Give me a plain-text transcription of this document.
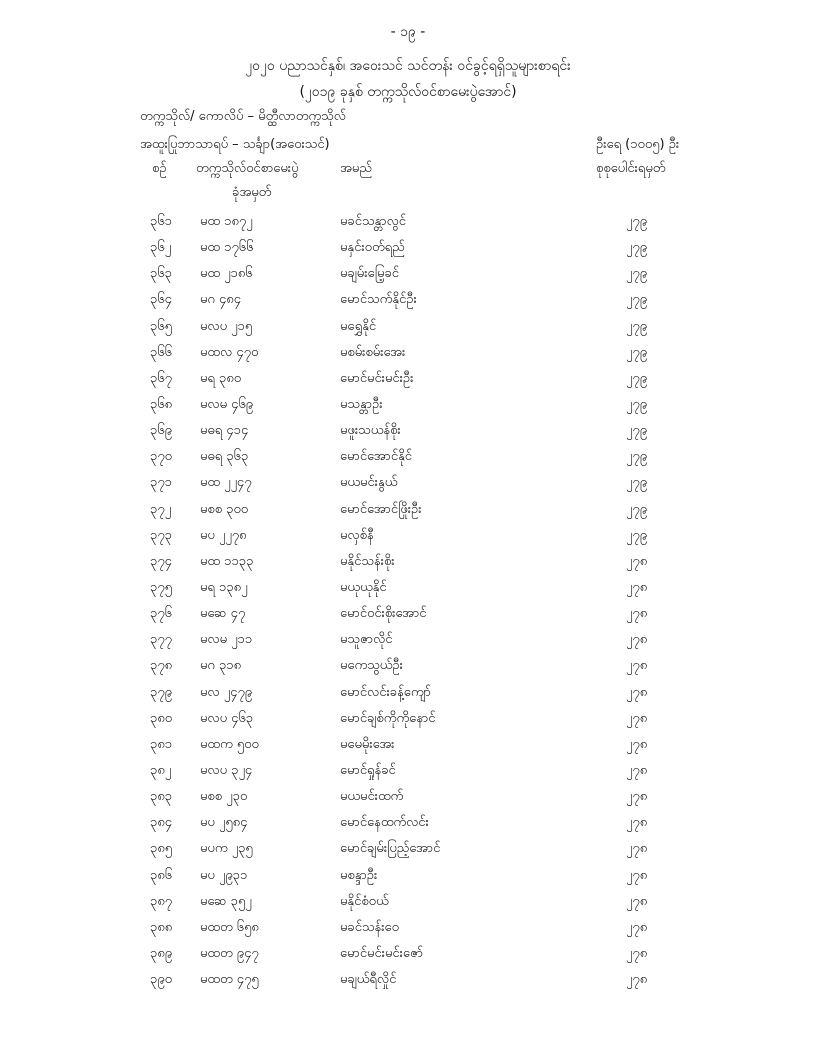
- ၁၉ -
၂၀၂၀ ပညာသင်နှစ်၊ အဝေးသင် သင်တန်း ဝင်ခွင့်ရရှိသူများစာရင်း
(၂၀၁၉ ခုနှစ် တက္ကသိုလ်ဝင်စာမေးပွဲအောင်)
တက္ကသိုလ်/ ကောလိပ် – မိတ္ထီလာတက္ကသိုလ်
အထူးပြုဘာသာရပ် – သင်္ချာ(အဝေးသင်)	ဦးရေ (၁၀၀၅) ဦး
စဉ် တက္ကသိုလ်ဝင်စာမေးပွဲ
ခုံအမှတ်
အမည်	စုစုပေါင်းရမှတ်
၃၆၁ မထ ၁၈၇၂	မခင်သန္တာလွင်	၂၇၉
၃၆၂ မထ ၁၇၆၆	မနှင်းဝတ်ရည်	၂၇၉
၃၆၃ မထ ၂၁၈၆	မချမ်းမြေ့ခင်	၂၇၉
၃၆၄ မဂ ၄၈၄	မောင်သက်နိုင်ဦး	၂၇၉
၃၆၅ မလပ ၂၁၅	မရွှေနိုင်	၂၇၉
၃၆၆ မထလ ၄၇၀	မစမ်းစမ်းအေး	၂၇၉
၃၆၇ မရ ၃၈၀	မောင်မင်းမင်းဦး	၂၇၉
၃၆၈ မလမ ၄၆၉	မသန္တာဦး	၂၇၉
၃၆၉ မဓရ ၄၁၄	မဖူးသယန်စိုး	၂၇၉
၃၇၀ မဓရ ၃၆၃	မောင်အောင်နိုင်	၂၇၉
၃၇၁ မထ ၂၂၄၇	မယမင်းနွယ်	၂၇၉
၃၇၂ မစစ ၃၀၀	မောင်အောင်ဖြိုးဦး	၂၇၉
၃၇၃ မပ ၂၂၇၈	မလှစ်နီ	၂၇၉
၃၇၄ မထ ၁၁၃၃	မနိုင်သန်းစိုး	၂၇၈
၃၇၅ မရ ၁၃၈၂	မယုယုနိုင်	၂၇၈
၃၇၆ မဆေ ၄၇	မောင်ဝင်းစိုးအောင်	၂၇၈
၃၇၇ မလမ ၂၁၁	မသူဇာလိုင်	၂၇၈
၃၇၈ မဂ ၃၁၈	မကေသွယ်ဦး	၂၇၈
၃၇၉ မလ ၂၄၇၉	မောင်လင်းခန့်ကျော်	၂၇၈
၃၈၀ မလပ ၄၆၃	မောင်ချစ်ကိုကိုနောင်	၂၇၈
၃၈၁ မထက ၅၀၀	မမေမိုးအေး	၂၇၈
၃၈၂ မလပ ၃၂၄	မောင်ရှုန်ခင်	၂၇၈
၃၈၃ မစစ ၂၃၀	မယမင်းထက်	၂၇၈
၃၈၄ မပ ၂၅၈၄	မောင်နေထက်လင်း	၂၇၈
၃၈၅ မပက ၂၃၅	မောင်ချမ်းပြည့်အောင်	၂၇၈
၃၈၆ မပ ၂၉၃၁	မစန္ဒာဦး	၂၇၈
၃၈၇ မဆေ ၃၅၂	မနိုင်စံဝယ်	၂၇၈
၃၈၈ မထတ ၆၅၈	မခင်သန်းဝေ	၂၇၈
၃၈၉ မထတ ၉၄၇	မောင်မင်းမင်းဇော်	၂၇၈
၃၉၀ မထတ ၄၇၅	မချယ်ရီလှိုင်	၂၇၈
